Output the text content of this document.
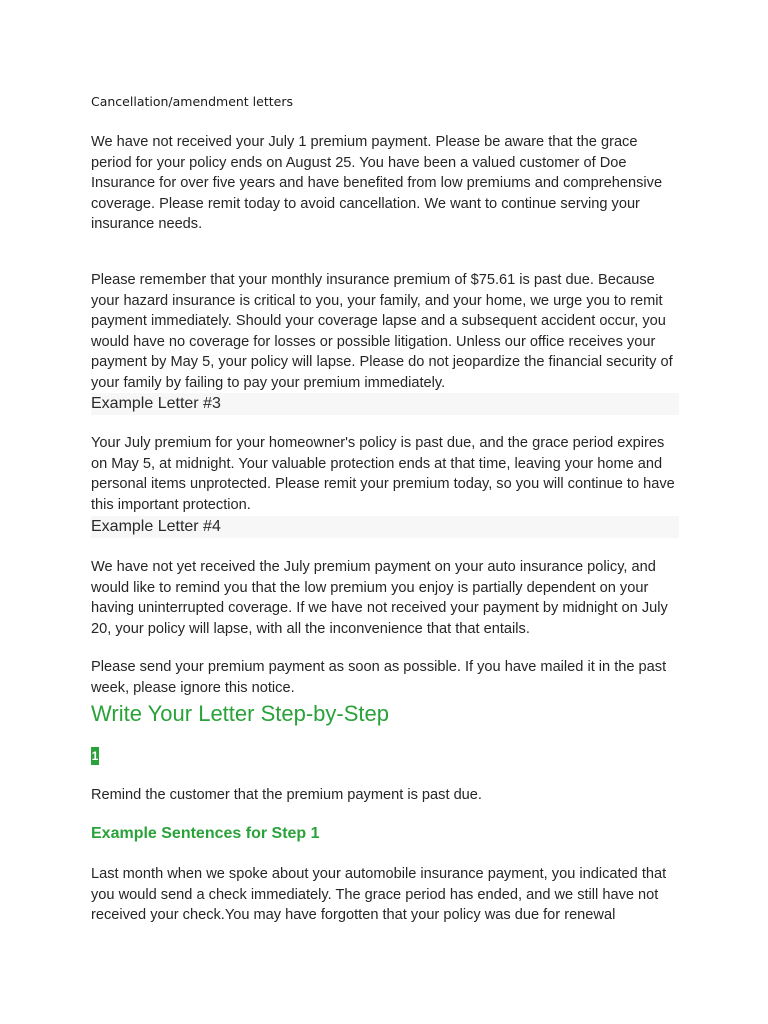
Cancellation/amendment letters

We have not received your July 1 premium payment. Please be aware that the grace period for your policy ends on August 25. You have been a valued customer of Doe Insurance for over five years and have benefited from low premiums and comprehensive coverage. Please remit today to avoid cancellation. We want to continue serving your insurance needs.

Please remember that your monthly insurance premium of $75.61 is past due. Because your hazard insurance is critical to you, your family, and your home, we urge you to remit payment immediately. Should your coverage lapse and a subsequent accident occur, you would have no coverage for losses or possible litigation. Unless our office receives your payment by May 5, your policy will lapse. Please do not jeopardize the financial security of your family by failing to pay your premium immediately.

Example Letter #3

Your July premium for your homeowner's policy is past due, and the grace period expires on May 5, at midnight. Your valuable protection ends at that time, leaving your home and personal items unprotected. Please remit your premium today, so you will continue to have this important protection.

Example Letter #4

We have not yet received the July premium payment on your auto insurance policy, and would like to remind you that the low premium you enjoy is partially dependent on your having uninterrupted coverage. If we have not received your payment by midnight on July 20, your policy will lapse, with all the inconvenience that that entails.

Please send your premium payment as soon as possible. If you have mailed it in the past week, please ignore this notice.

Write Your Letter Step-by-Step
1

Remind the customer that the premium payment is past due.

Example Sentences for Step 1

Last month when we spoke about your automobile insurance payment, you indicated that you would send a check immediately. The grace period has ended, and we still have not received your check.You may have forgotten that your policy was due for renewal
